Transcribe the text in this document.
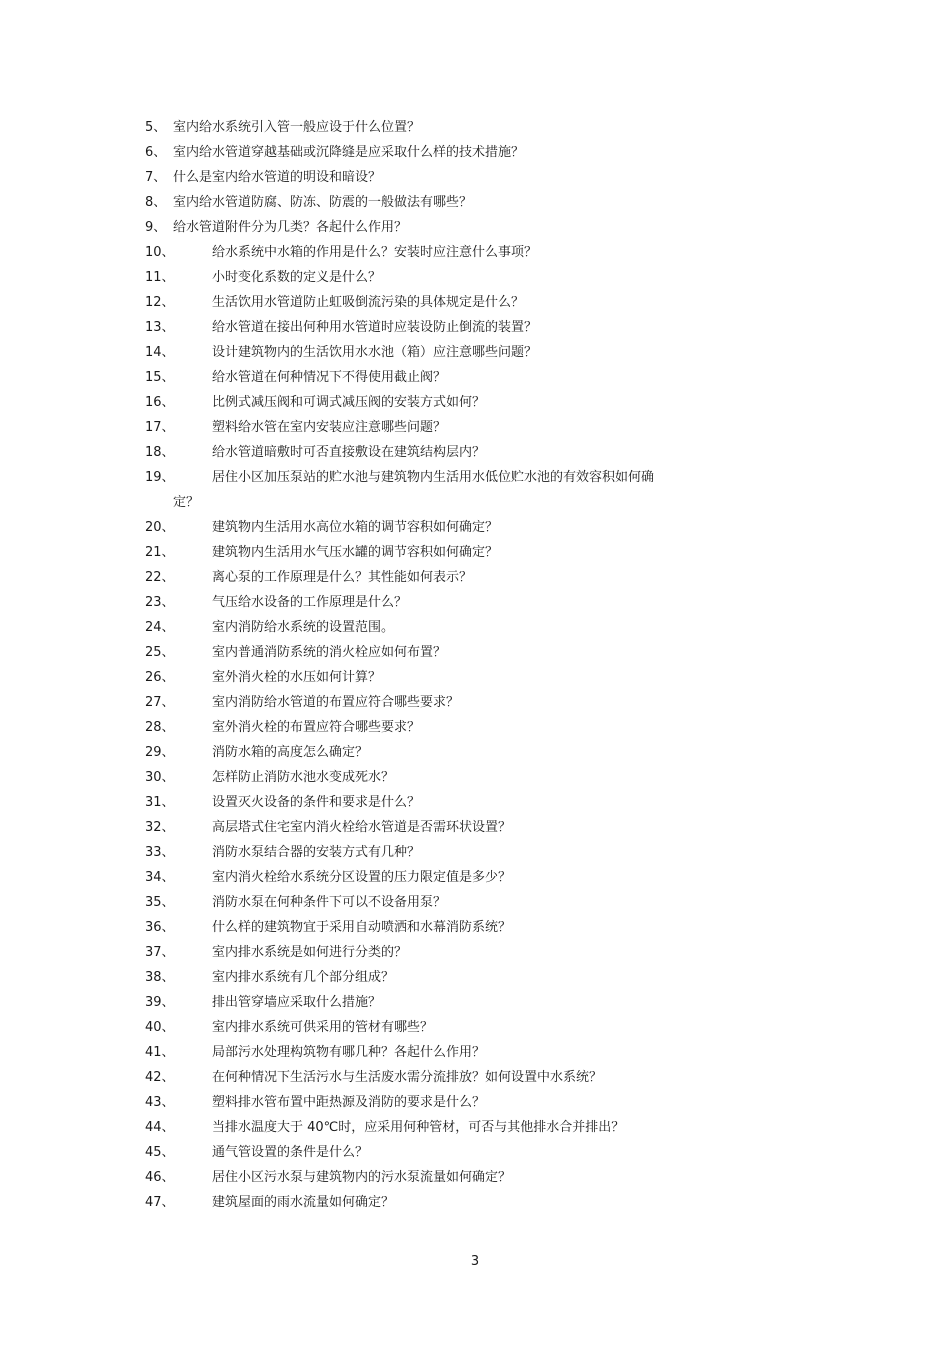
5、 室内给水系统引入管一般应设于什么位置？
6、 室内给水管道穿越基础或沉降缝是应采取什么样的技术措施？
7、 什么是室内给水管道的明设和暗设？
8、 室内给水管道防腐、防冻、防震的一般做法有哪些？
9、 给水管道附件分为几类？各起什么作用？
10、	给水系统中水箱的作用是什么？安装时应注意什么事项？
11、	小时变化系数的定义是什么？
12、	生活饮用水管道防止虹吸倒流污染的具体规定是什么？
13、	给水管道在接出何种用水管道时应装设防止倒流的装置？
14、	设计建筑物内的生活饮用水水池（箱）应注意哪些问题？
15、	给水管道在何种情况下不得使用截止阀？
16、	比例式减压阀和可调式减压阀的安装方式如何？
17、	塑料给水管在室内安装应注意哪些问题？
18、	给水管道暗敷时可否直接敷设在建筑结构层内？
19、	居住小区加压泵站的贮水池与建筑物内生活用水低位贮水池的有效容积如何确
定？
20、	建筑物内生活用水高位水箱的调节容积如何确定？
21、	建筑物内生活用水气压水罐的调节容积如何确定？
22、	离心泵的工作原理是什么？其性能如何表示？
23、	气压给水设备的工作原理是什么？
24、	室内消防给水系统的设置范围。
25、	室内普通消防系统的消火栓应如何布置？
26、	室外消火栓的水压如何计算？
27、	室内消防给水管道的布置应符合哪些要求？
28、	室外消火栓的布置应符合哪些要求？
29、	消防水箱的高度怎么确定？
30、	怎样防止消防水池水变成死水？
31、	设置灭火设备的条件和要求是什么？
32、	高层塔式住宅室内消火栓给水管道是否需环状设置？
33、	消防水泵结合器的安装方式有几种？
34、	室内消火栓给水系统分区设置的压力限定值是多少？
35、	消防水泵在何种条件下可以不设备用泵？
36、	什么样的建筑物宜于采用自动喷洒和水幕消防系统？
37、	室内排水系统是如何进行分类的？
38、	室内排水系统有几个部分组成？
39、	排出管穿墙应采取什么措施？
40、	室内排水系统可供采用的管材有哪些？
41、	局部污水处理构筑物有哪几种？各起什么作用？
42、	在何种情况下生活污水与生活废水需分流排放？如何设置中水系统？
43、	塑料排水管布置中距热源及消防的要求是什么？
44、	当排水温度大于 40℃时，应采用何种管材，可否与其他排水合并排出？
45、	通气管设置的条件是什么？
46、	居住小区污水泵与建筑物内的污水泵流量如何确定？
47、	建筑屋面的雨水流量如何确定？
3
